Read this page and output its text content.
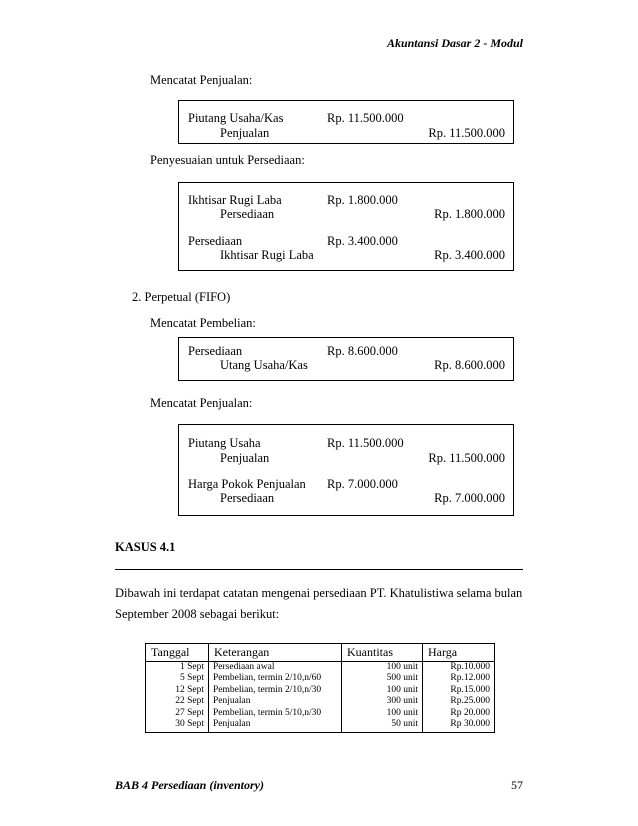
Akuntansi Dasar 2 - Modul
Mencatat Penjualan:
Piutang Usaha/Kas	Rp. 11.500.000
Penjualan	Rp. 11.500.000
Penyesuaian untuk Persediaan:
Ikhtisar Rugi Laba	Rp. 1.800.000
Persediaan	Rp. 1.800.000
Persediaan	Rp. 3.400.000
Ikhtisar Rugi Laba	Rp. 3.400.000
2. Perpetual (FIFO)
Mencatat Pembelian:
Persediaan	Rp. 8.600.000
Utang Usaha/Kas	Rp. 8.600.000
Mencatat Penjualan:
Piutang Usaha	Rp. 11.500.000
Penjualan	Rp. 11.500.000
Harga Pokok Penjualan Rp. 7.000.000
Persediaan	Rp. 7.000.000
KASUS 4.1
Dibawah ini terdapat catatan mengenai persediaan PT. Khatulistiwa selama bulan
September 2008 sebagai berikut:
Tanggal	Keterangan	Kuantitas	Harga
1 Sept	Persediaan awal	100 unit	Rp.10.000
5 Sept	Pembelian, termin 2/10,n/60	500 unit	Rp.12.000
12 Sept	Pembelian, termin 2/10,n/30	100 unit	Rp.15.000
22 Sept	Penjualan	300 unit	Rp.25.000
27 Sept	Pembelian, termin 5/10,n/30	100 unit	Rp 20.000
30 Sept	Penjualan	50 unit	Rp 30.000
BAB 4 Persediaan (inventory)	57
